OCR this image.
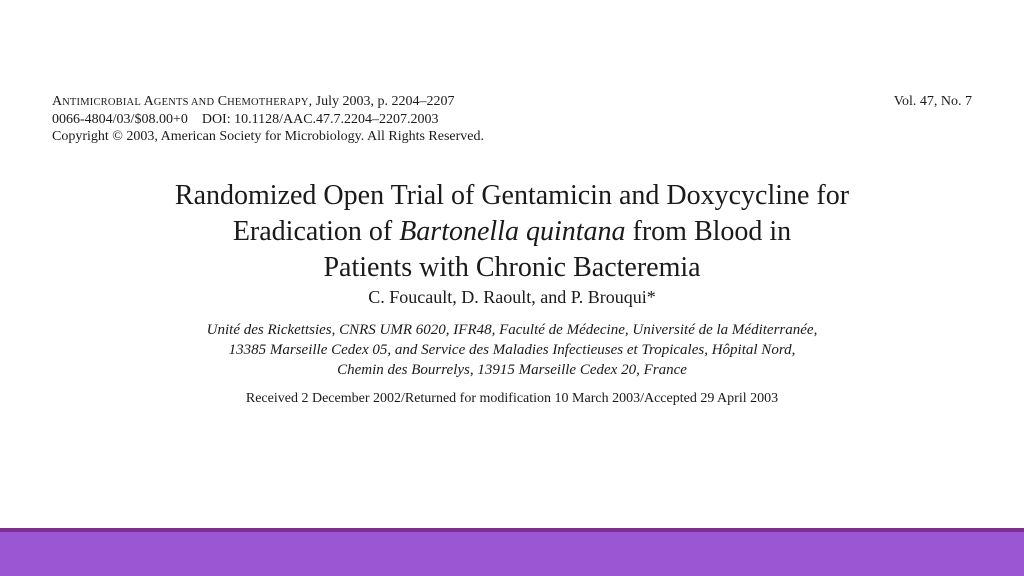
ANTIMICROBIAL AGENTS AND CHEMOTHERAPY, July 2003, p. 2204–2207
0066-4804/03/$08.00+0    DOI: 10.1128/AAC.47.7.2204–2207.2003
Copyright © 2003, American Society for Microbiology. All Rights Reserved.
Vol. 47, No. 7
Randomized Open Trial of Gentamicin and Doxycycline for
Eradication of Bartonella quintana from Blood in
Patients with Chronic Bacteremia
C. Foucault, D. Raoult, and P. Brouqui*
Unité des Rickettsies, CNRS UMR 6020, IFR48, Faculté de Médecine, Université de la Méditerranée,
13385 Marseille Cedex 05, and Service des Maladies Infectieuses et Tropicales, Hôpital Nord,
Chemin des Bourrelys, 13915 Marseille Cedex 20, France
Received 2 December 2002/Returned for modification 10 March 2003/Accepted 29 April 2003
